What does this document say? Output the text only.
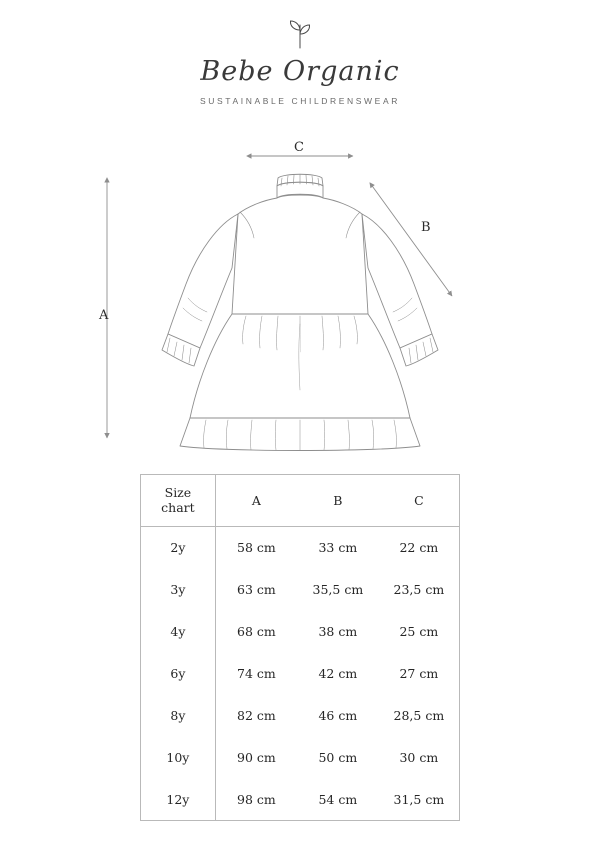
Bebe Organic
SUSTAINABLE CHILDRENSWEAR
A
B
C
Size
chart	A	B	C
2y	58 cm	33 cm	22 cm
3y	63 cm	35,5 cm	23,5 cm
4y	68 cm	38 cm	25 cm
6y	74 cm	42 cm	27 cm
8y	82 cm	46 cm	28,5 cm
10y	90 cm	50 cm	30 cm
12y	98 cm	54 cm	31,5 cm
